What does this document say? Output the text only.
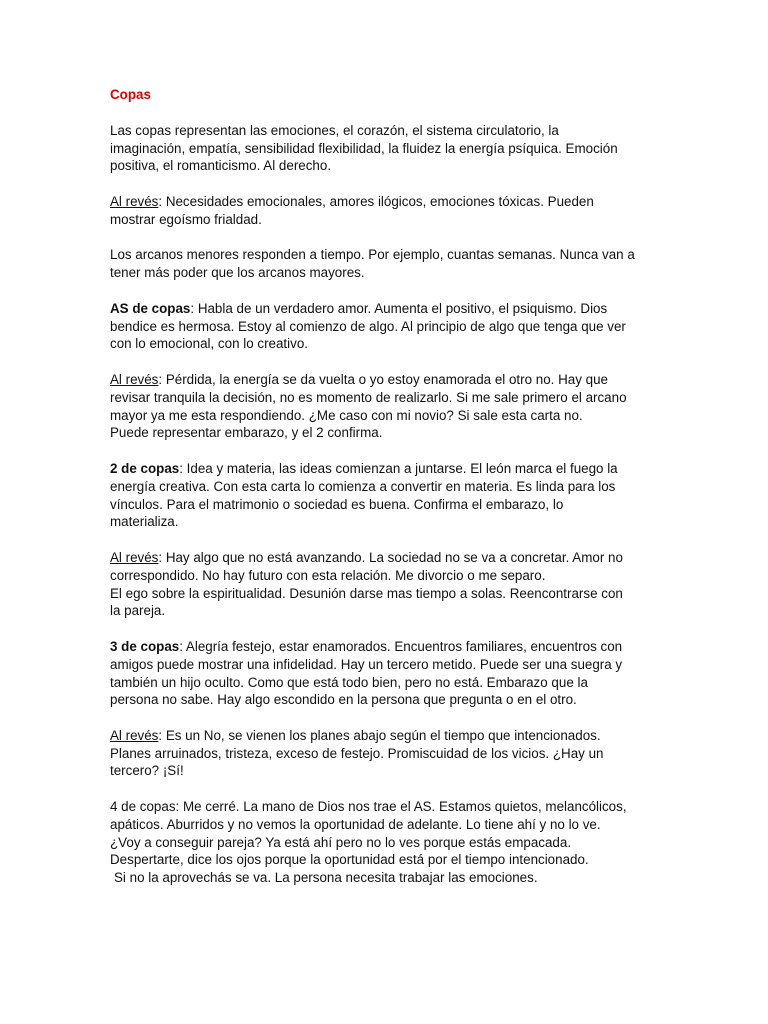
Copas
Las copas representan las emociones, el corazón, el sistema circulatorio, la
imaginación, empatía, sensibilidad flexibilidad, la fluidez la energía psíquica. Emoción
positiva, el romanticismo. Al derecho.
Al revés: Necesidades emocionales, amores ilógicos, emociones tóxicas. Pueden
mostrar egoísmo frialdad.
Los arcanos menores responden a tiempo. Por ejemplo, cuantas semanas. Nunca van a
tener más poder que los arcanos mayores.
AS de copas: Habla de un verdadero amor. Aumenta el positivo, el psiquismo. Dios
bendice es hermosa. Estoy al comienzo de algo. Al principio de algo que tenga que ver
con lo emocional, con lo creativo.
Al revés: Pérdida, la energía se da vuelta o yo estoy enamorada el otro no. Hay que
revisar tranquila la decisión, no es momento de realizarlo. Si me sale primero el arcano
mayor ya me esta respondiendo. ¿Me caso con mi novio? Si sale esta carta no.
Puede representar embarazo, y el 2 confirma.
2 de copas: Idea y materia, las ideas comienzan a juntarse. El león marca el fuego la
energía creativa. Con esta carta lo comienza a convertir en materia. Es linda para los
vínculos. Para el matrimonio o sociedad es buena. Confirma el embarazo, lo
materializa.
Al revés: Hay algo que no está avanzando. La sociedad no se va a concretar. Amor no
correspondido. No hay futuro con esta relación. Me divorcio o me separo.
El ego sobre la espiritualidad. Desunión darse mas tiempo a solas. Reencontrarse con
la pareja.
3 de copas: Alegría festejo, estar enamorados. Encuentros familiares, encuentros con
amigos puede mostrar una infidelidad. Hay un tercero metido. Puede ser una suegra y
también un hijo oculto. Como que está todo bien, pero no está. Embarazo que la
persona no sabe. Hay algo escondido en la persona que pregunta o en el otro.
Al revés: Es un No, se vienen los planes abajo según el tiempo que intencionados.
Planes arruinados, tristeza, exceso de festejo. Promiscuidad de los vicios. ¿Hay un
tercero? ¡Sí!
4 de copas: Me cerré. La mano de Dios nos trae el AS. Estamos quietos, melancólicos,
apáticos. Aburridos y no vemos la oportunidad de adelante. Lo tiene ahí y no lo ve.
¿Voy a conseguir pareja? Ya está ahí pero no lo ves porque estás empacada.
Despertarte, dice los ojos porque la oportunidad está por el tiempo intencionado.
Si no la aprovechás se va. La persona necesita trabajar las emociones.
